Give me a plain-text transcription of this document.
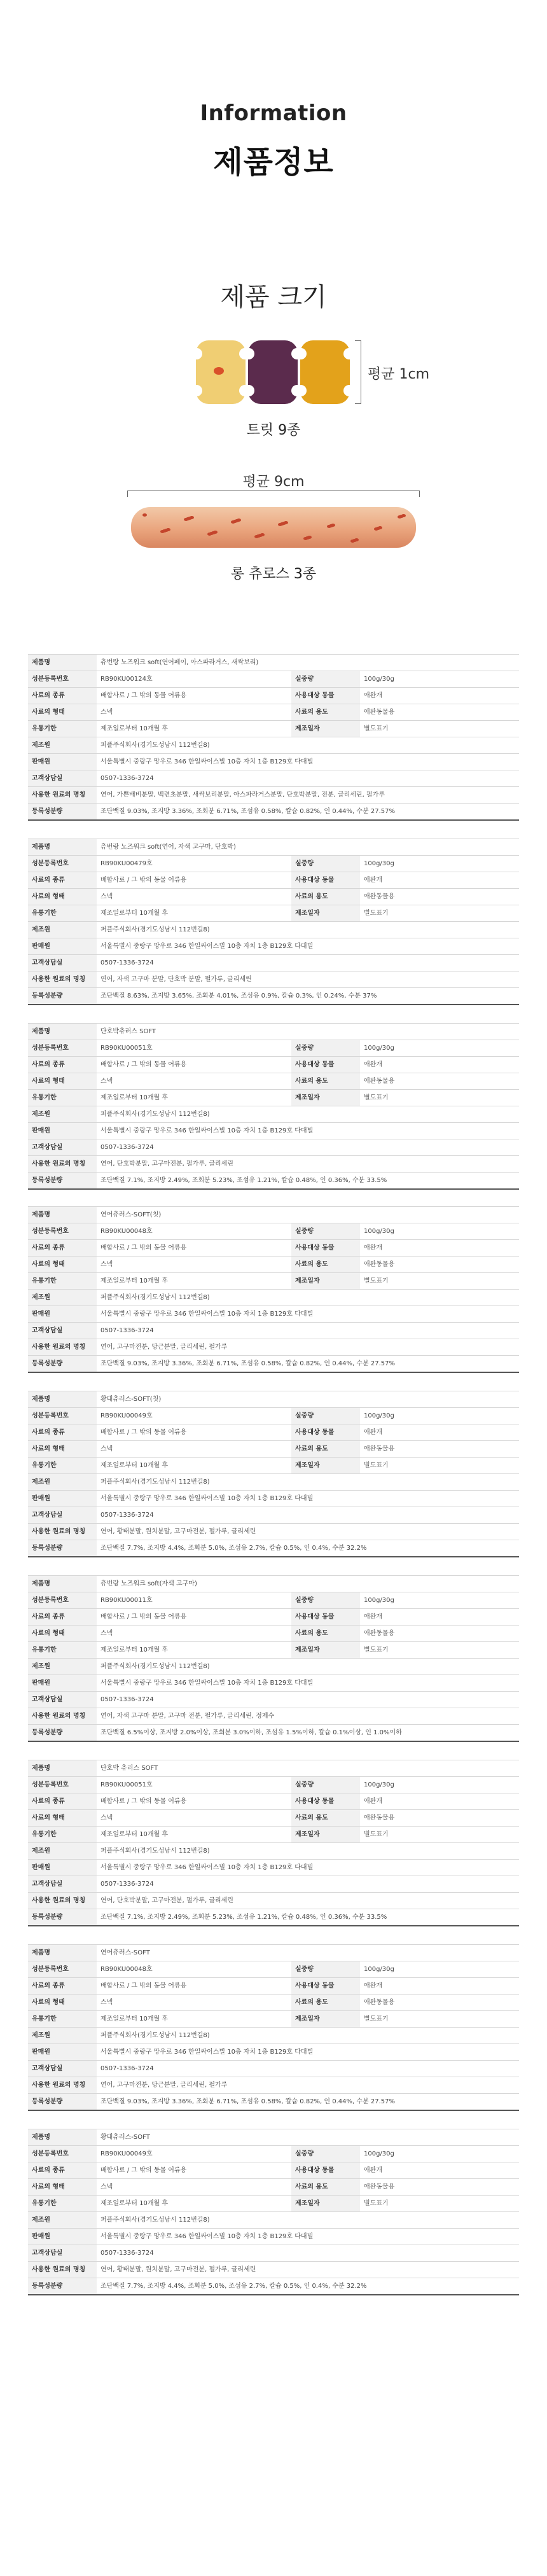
Information
제품정보
제품 크기
평균 1cm
트릿 9종
평균 9cm
롱 츄로스 3종
제품명	츄번랑 노즈워크 soft(연어페이, 아스파라거스, 새싹보리)		
성분등록번호	RB90KU00124호	실중량	100g/30g
사료의 종류	배합사료 / 그 밖의 동물 어류용	사용대상 동물	애완개
사료의 형태	스넥	사료의 용도	애완동물용
유통기한	제조일로부터 10개월 후	제조일자	별도표기
제조원	퍼플주식회사(경기도성남시 112번길8)		
판매원	서울특별시 중랑구 망우로 346 한일싸이스빌 10층 자치 1층 B129호 다대빌		
고객상담실	0507-1336-3724		
사용한 원료의 명칭	연어, 가쁜배비분말, 백련초분말, 새싹보리분말, 아스파라거스분말, 단호박분말, 전분, 글리세린, 펄가루		
등록성분량	조단백질 9.03%, 조지방 3.36%, 조회분 6.71%, 조섬유 0.58%, 칼슘 0.82%, 인 0.44%, 수분 27.57%		
제품명	츄번랑 노즈워크 soft(연어, 자색 고구마, 단호박)		
성분등록번호	RB90KU00479호	실중량	100g/30g
사료의 종류	배합사료 / 그 밖의 동물 어류용	사용대상 동물	애완개
사료의 형태	스넥	사료의 용도	애완동물용
유통기한	제조일로부터 10개월 후	제조일자	별도표기
제조원	퍼플주식회사(경기도성남시 112번길8)		
판매원	서울특별시 중랑구 망우로 346 한일싸이스빌 10층 자치 1층 B129호 다대빌		
고객상담실	0507-1336-3724		
사용한 원료의 명칭	연어, 자색 고구마 분말, 단호박 분말, 펄가루, 글리세린		
등록성분량	조단백질 8.63%, 조지방 3.65%, 조회분 4.01%, 조섬유 0.9%, 칼슘 0.3%, 인 0.24%, 수분 37%		
제품명	단호박츄러스 SOFT		
성분등록번호	RB90KU00051호	실중량	100g/30g
사료의 종류	배합사료 / 그 밖의 동물 어류용	사용대상 동물	애완개
사료의 형태	스넥	사료의 용도	애완동물용
유통기한	제조일로부터 10개월 후	제조일자	별도표기
제조원	퍼플주식회사(경기도성남시 112번길8)		
판매원	서울특별시 중랑구 망우로 346 한일싸이스빌 10층 자치 1층 B129호 다대빌		
고객상담실	0507-1336-3724		
사용한 원료의 명칭	연어, 단호박분말, 고구마전분, 펄가루, 글리세린		
등록성분량	조단백질 7.1%, 조지방 2.49%, 조회분 5.23%, 조섬유 1.21%, 칼슘 0.48%, 인 0.36%, 수분 33.5%		
제품명	연어츄러스-SOFT(칫)		
성분등록번호	RB90KU00048호	실중량	100g/30g
사료의 종류	배합사료 / 그 밖의 동물 어류용	사용대상 동물	애완개
사료의 형태	스넥	사료의 용도	애완동물용
유통기한	제조일로부터 10개월 후	제조일자	별도표기
제조원	퍼플주식회사(경기도성남시 112번길8)		
판매원	서울특별시 중랑구 망우로 346 한일싸이스빌 10층 자치 1층 B129호 다대빌		
고객상담실	0507-1336-3724		
사용한 원료의 명칭	연어, 고구마전분, 당근분말, 글리세린, 펄가루		
등록성분량	조단백질 9.03%, 조지방 3.36%, 조회분 6.71%, 조섬유 0.58%, 칼슘 0.82%, 인 0.44%, 수분 27.57%		
제품명	황태츄러스-SOFT(칫)		
성분등록번호	RB90KU00049호	실중량	100g/30g
사료의 종류	배합사료 / 그 밖의 동물 어류용	사용대상 동물	애완개
사료의 형태	스넥	사료의 용도	애완동물용
유통기한	제조일로부터 10개월 후	제조일자	별도표기
제조원	퍼플주식회사(경기도성남시 112번길8)		
판매원	서울특별시 중랑구 망우로 346 한일싸이스빌 10층 자치 1층 B129호 다대빌		
고객상담실	0507-1336-3724		
사용한 원료의 명칭	연어, 황태분말, 원치분말, 고구마전분, 펄가루, 글리세린		
등록성분량	조단백질 7.7%, 조지방 4.4%, 조회분 5.0%, 조섬유 2.7%, 칼슘 0.5%, 인 0.4%, 수분 32.2%		
제품명	츄번랑 노즈워크 soft(자색 고구마)		
성분등록번호	RB90KU00011호	실중량	100g/30g
사료의 종류	배합사료 / 그 밖의 동물 어류용	사용대상 동물	애완개
사료의 형태	스넥	사료의 용도	애완동물용
유통기한	제조일로부터 10개월 후	제조일자	별도표기
제조원	퍼플주식회사(경기도성남시 112번길8)		
판매원	서울특별시 중랑구 망우로 346 한일싸이스빌 10층 자치 1층 B129호 다대빌		
고객상담실	0507-1336-3724		
사용한 원료의 명칭	연어, 자색 고구마 분말, 고구마 전분, 펄가루, 글리세린, 정제수		
등록성분량	조단백질 6.5%이상, 조지방 2.0%이상, 조회분 3.0%이하, 조섬유 1.5%이하, 칼슘 0.1%이상, 인 1.0%이하		
제품명	단호박 츄러스 SOFT		
성분등록번호	RB90KU00051호	실중량	100g/30g
사료의 종류	배합사료 / 그 밖의 동물 어류용	사용대상 동물	애완개
사료의 형태	스넥	사료의 용도	애완동물용
유통기한	제조일로부터 10개월 후	제조일자	별도표기
제조원	퍼플주식회사(경기도성남시 112번길8)		
판매원	서울특별시 중랑구 망우로 346 한일싸이스빌 10층 자치 1층 B129호 다대빌		
고객상담실	0507-1336-3724		
사용한 원료의 명칭	연어, 단호박분말, 고구마전분, 펄가루, 글리세린		
등록성분량	조단백질 7.1%, 조지방 2.49%, 조회분 5.23%, 조섬유 1.21%, 칼슘 0.48%, 인 0.36%, 수분 33.5%		
제품명	연어츄러스-SOFT		
성분등록번호	RB90KU00048호	실중량	100g/30g
사료의 종류	배합사료 / 그 밖의 동물 어류용	사용대상 동물	애완개
사료의 형태	스넥	사료의 용도	애완동물용
유통기한	제조일로부터 10개월 후	제조일자	별도표기
제조원	퍼플주식회사(경기도성남시 112번길8)		
판매원	서울특별시 중랑구 망우로 346 한일싸이스빌 10층 자치 1층 B129호 다대빌		
고객상담실	0507-1336-3724		
사용한 원료의 명칭	연어, 고구마전분, 당근분말, 글리세린, 펄가루		
등록성분량	조단백질 9.03%, 조지방 3.36%, 조회분 6.71%, 조섬유 0.58%, 칼슘 0.82%, 인 0.44%, 수분 27.57%		
제품명	황태츄러스-SOFT		
성분등록번호	RB90KU00049호	실중량	100g/30g
사료의 종류	배합사료 / 그 밖의 동물 어류용	사용대상 동물	애완개
사료의 형태	스넥	사료의 용도	애완동물용
유통기한	제조일로부터 10개월 후	제조일자	별도표기
제조원	퍼플주식회사(경기도성남시 112번길8)		
판매원	서울특별시 중랑구 망우로 346 한일싸이스빌 10층 자치 1층 B129호 다대빌		
고객상담실	0507-1336-3724		
사용한 원료의 명칭	연어, 황태분말, 원치분말, 고구마전분, 펄가루, 글리세린		
등록성분량	조단백질 7.7%, 조지방 4.4%, 조회분 5.0%, 조섬유 2.7%, 칼슘 0.5%, 인 0.4%, 수분 32.2%		
